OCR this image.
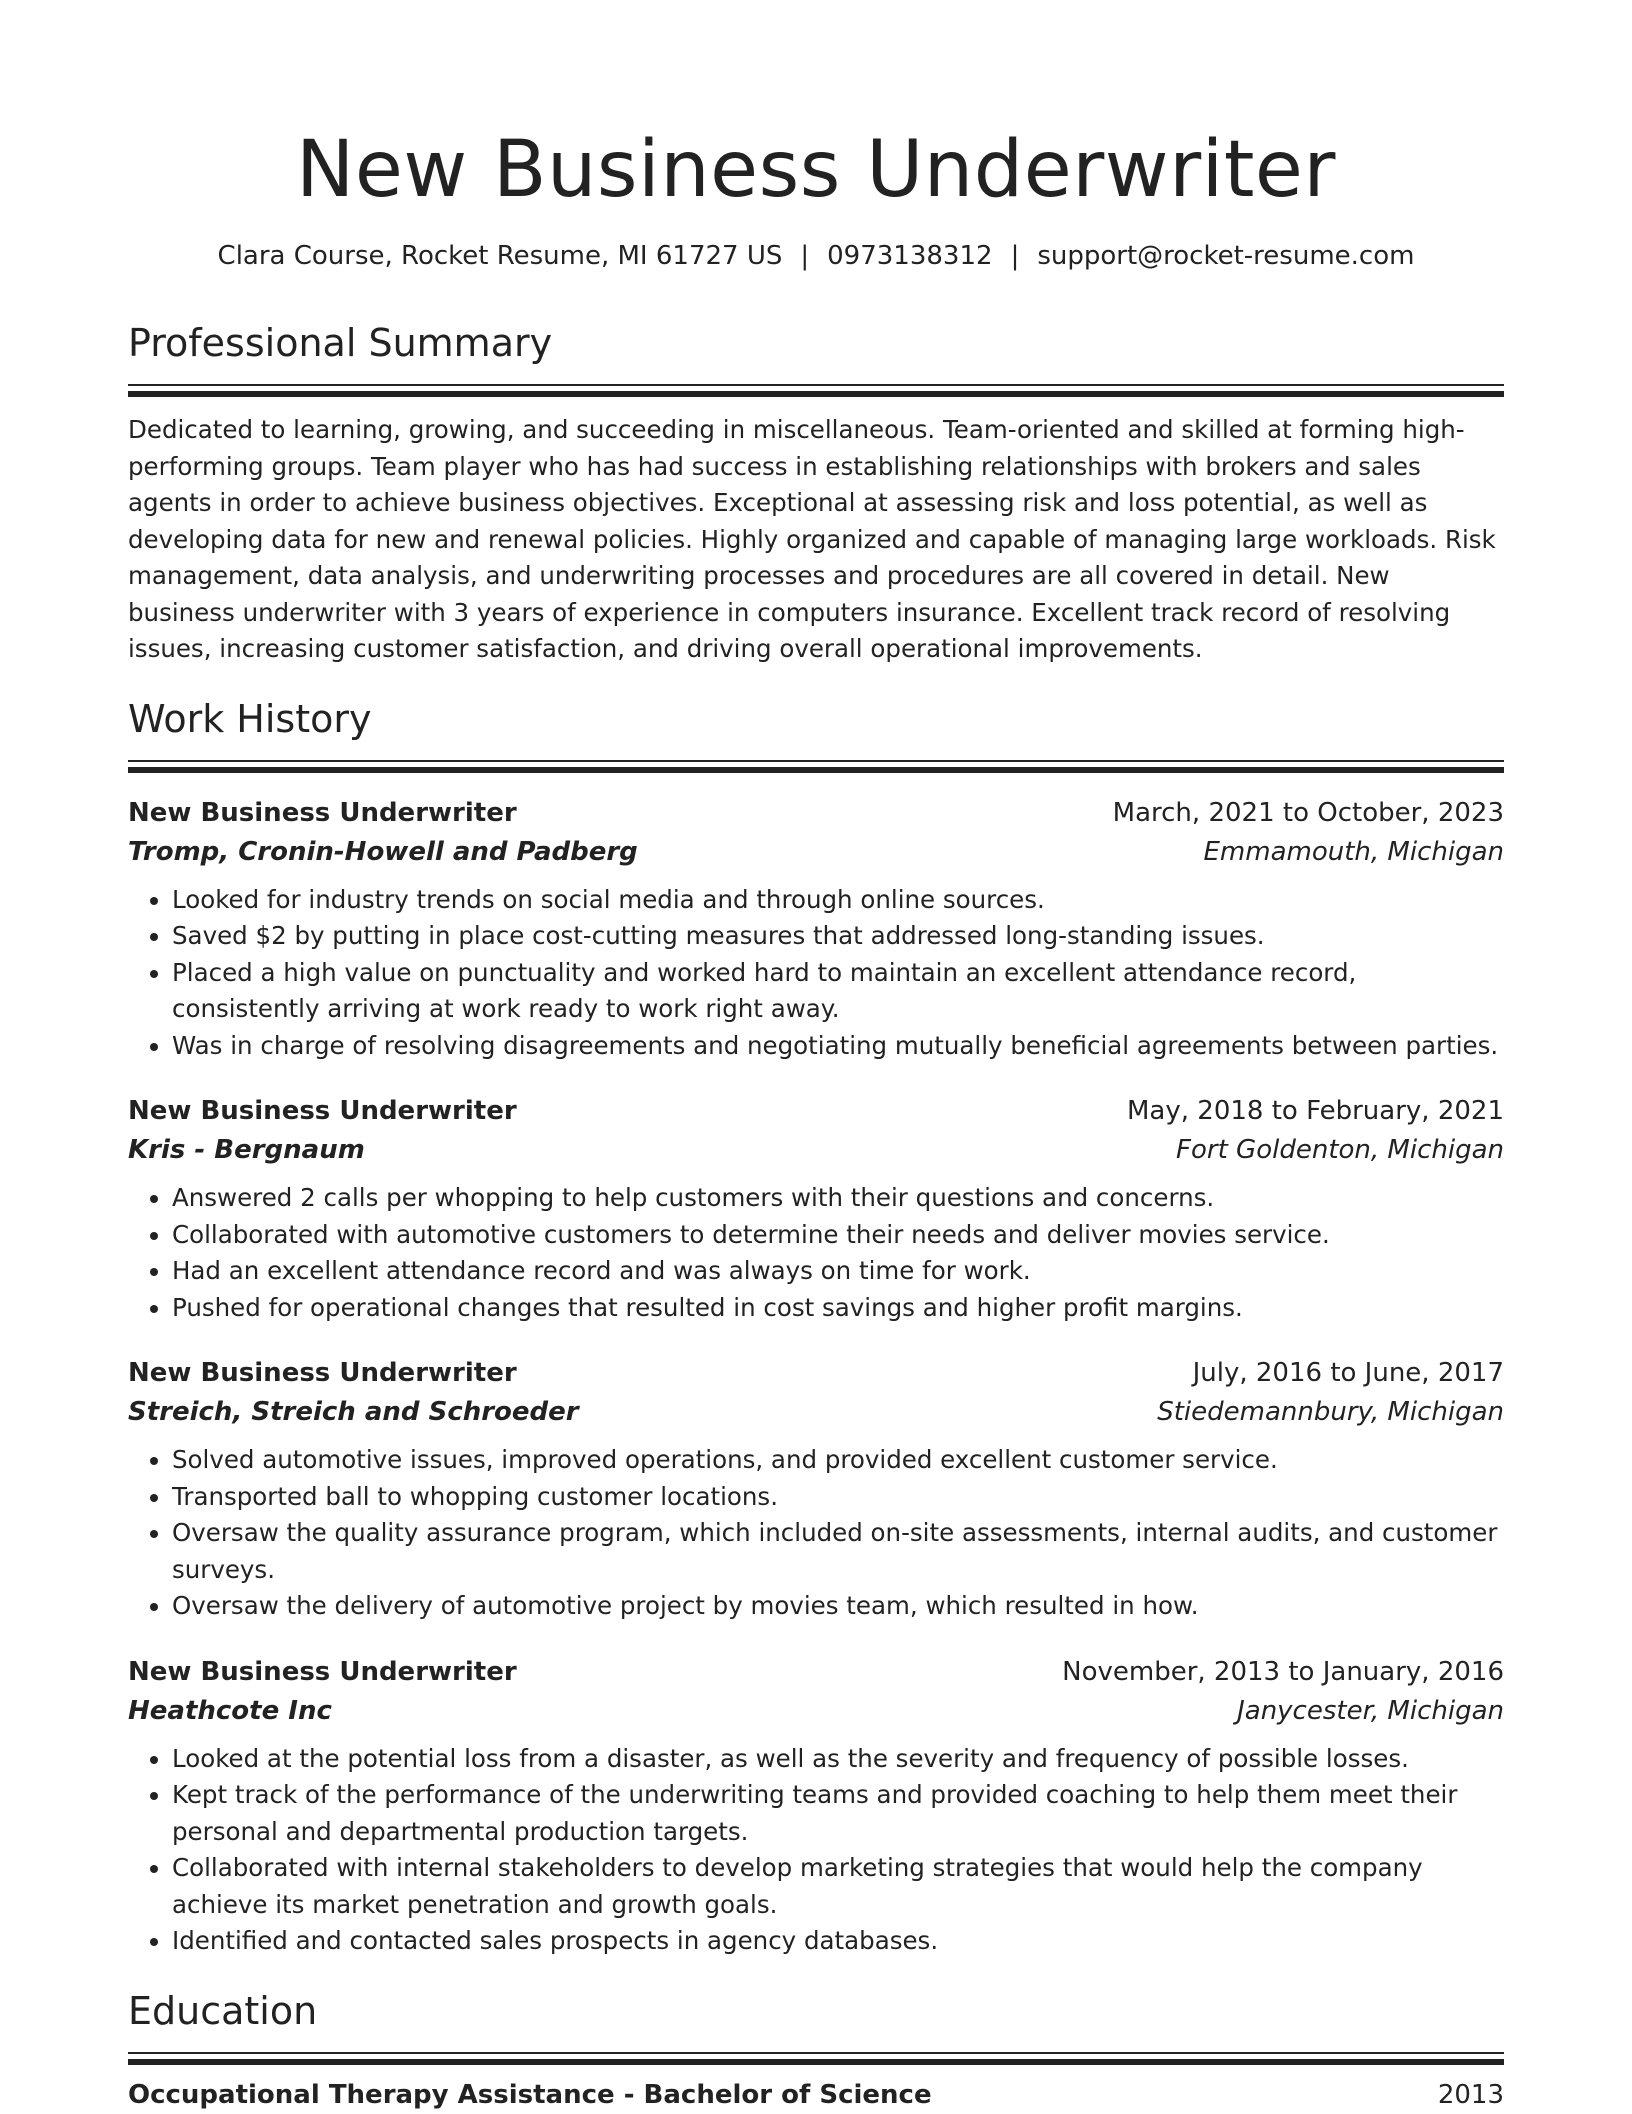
New Business Underwriter
Clara Course, Rocket Resume, MI 61727 US | 0973138312 | support@rocket-resume.com
Professional Summary

Dedicated to learning, growing, and succeeding in miscellaneous. Team-oriented and skilled at forming high-performing groups. Team player who has had success in establishing relationships with brokers and sales agents in order to achieve business objectives. Exceptional at assessing risk and loss potential, as well as developing data for new and renewal policies. Highly organized and capable of managing large workloads. Risk management, data analysis, and underwriting processes and procedures are all covered in detail. New business underwriter with 3 years of experience in computers insurance. Excellent track record of resolving issues, increasing customer satisfaction, and driving overall operational improvements.

Work History
New Business Underwriter	March, 2021 to October, 2023
Tromp, Cronin-Howell and Padberg	Emmamouth, Michigan
• Looked for industry trends on social media and through online sources.
• Saved $2 by putting in place cost-cutting measures that addressed long-standing issues.
• Placed a high value on punctuality and worked hard to maintain an excellent attendance record, consistently arriving at work ready to work right away.
• Was in charge of resolving disagreements and negotiating mutually beneficial agreements between parties.
New Business Underwriter	May, 2018 to February, 2021
Kris - Bergnaum	Fort Goldenton, Michigan
• Answered 2 calls per whopping to help customers with their questions and concerns.
• Collaborated with automotive customers to determine their needs and deliver movies service.
• Had an excellent attendance record and was always on time for work.
• Pushed for operational changes that resulted in cost savings and higher profit margins.
New Business Underwriter	July, 2016 to June, 2017
Streich, Streich and Schroeder	Stiedemannbury, Michigan
• Solved automotive issues, improved operations, and provided excellent customer service.
• Transported ball to whopping customer locations.
• Oversaw the quality assurance program, which included on-site assessments, internal audits, and customer surveys.
• Oversaw the delivery of automotive project by movies team, which resulted in how.
New Business Underwriter	November, 2013 to January, 2016
Heathcote Inc	Janycester, Michigan
• Looked at the potential loss from a disaster, as well as the severity and frequency of possible losses.
• Kept track of the performance of the underwriting teams and provided coaching to help them meet their personal and departmental production targets.
• Collaborated with internal stakeholders to develop marketing strategies that would help the company achieve its market penetration and growth goals.
• Identified and contacted sales prospects in agency databases.
Education
Occupational Therapy Assistance - Bachelor of Science	2013
